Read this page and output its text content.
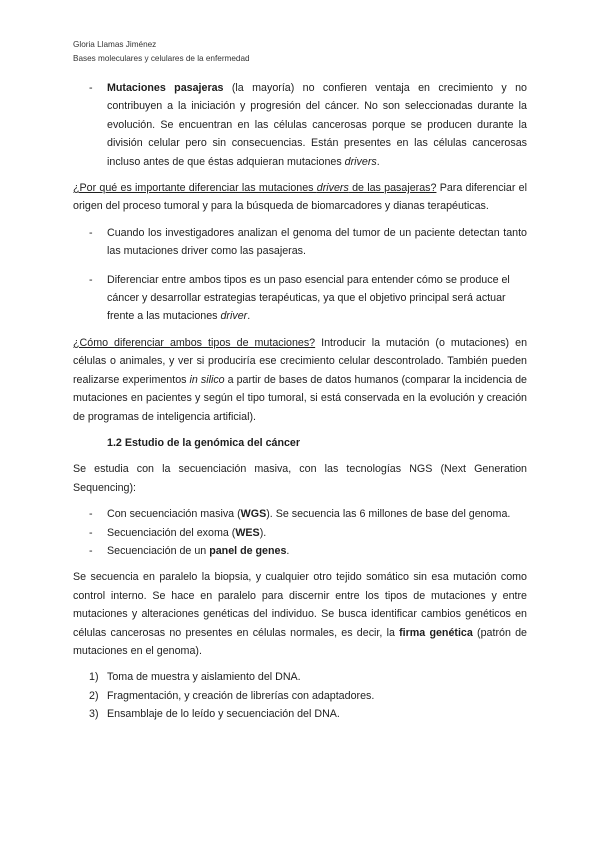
Gloria Llamas Jiménez
Bases moleculares y celulares de la enfermedad

- Mutaciones pasajeras (la mayoría) no confieren ventaja en crecimiento y no contribuyen a la iniciación y progresión del cáncer. No son seleccionadas durante la evolución. Se encuentran en las células cancerosas porque se producen durante la división celular pero sin consecuencias. Están presentes en las células cancerosas incluso antes de que éstas adquieran mutaciones drivers.

¿Por qué es importante diferenciar las mutaciones drivers de las pasajeras? Para diferenciar el origen del proceso tumoral y para la búsqueda de biomarcadores y dianas terapéuticas.

- Cuando los investigadores analizan el genoma del tumor de un paciente detectan tanto las mutaciones driver como las pasajeras.

- Diferenciar entre ambos tipos es un paso esencial para entender cómo se produce el cáncer y desarrollar estrategias terapéuticas, ya que el objetivo principal será actuar frente a las mutaciones driver.

¿Cómo diferenciar ambos tipos de mutaciones? Introducir la mutación (o mutaciones) en células o animales, y ver si produciría ese crecimiento celular descontrolado. También pueden realizarse experimentos in silico a partir de bases de datos humanos (comparar la incidencia de mutaciones en pacientes y según el tipo tumoral, si está conservada en la evolución y creación de programas de inteligencia artificial).

1.2 Estudio de la genómica del cáncer

Se estudia con la secuenciación masiva, con las tecnologías NGS (Next Generation Sequencing):

- Con secuenciación masiva (WGS). Se secuencia las 6 millones de base del genoma.

- Secuenciación del exoma (WES).

- Secuenciación de un panel de genes.

Se secuencia en paralelo la biopsia, y cualquier otro tejido somático sin esa mutación como control interno. Se hace en paralelo para discernir entre los tipos de mutaciones y entre mutaciones y alteraciones genéticas del individuo. Se busca identificar cambios genéticos en células cancerosas no presentes en células normales, es decir, la firma genética (patrón de mutaciones en el genoma).

1) Toma de muestra y aislamiento del DNA.

2) Fragmentación, y creación de librerías con adaptadores.

3) Ensamblaje de lo leído y secuenciación del DNA.
